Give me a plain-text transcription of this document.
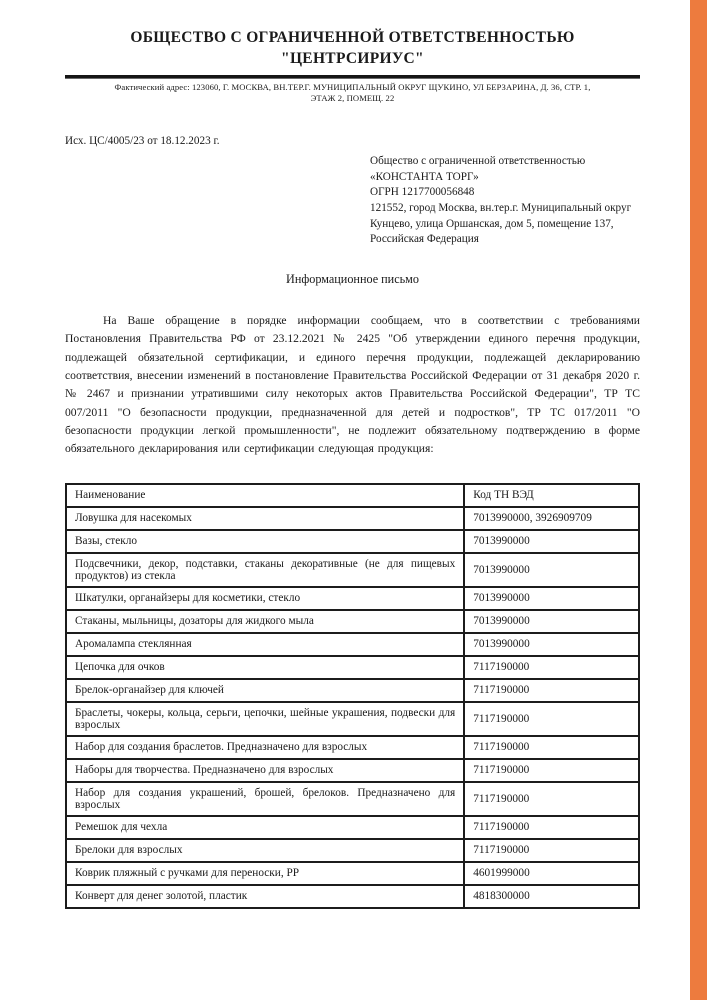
ОБЩЕСТВО С ОГРАНИЧЕННОЙ ОТВЕТСТВЕННОСТЬЮ
"ЦЕНТРСИРИУС"
Фактический адрес: 123060, Г. МОСКВА, ВН.ТЕР.Г. МУНИЦИПАЛЬНЫЙ ОКРУГ ЩУКИНО, УЛ БЕРЗАРИНА, Д. 36, СТР. 1,
ЭТАЖ 2, ПОМЕЩ. 22
Исх. ЦС/4005/23 от 18.12.2023 г.
Общество с ограниченной ответственностью
«КОНСТАНТА ТОРГ»
ОГРН 1217700056848
121552, город Москва, вн.тер.г. Муниципальный округ
Кунцево, улица Оршанская, дом 5, помещение 137,
Российская Федерация
Информационное письмо
На Ваше обращение в порядке информации сообщаем, что в соответствии с требованиями Постановления Правительства РФ от 23.12.2021 № 2425 "Об утверждении единого перечня продукции, подлежащей обязательной сертификации, и единого перечня продукции, подлежащей декларированию соответствия, внесении изменений в постановление Правительства Российской Федерации от 31 декабря 2020 г. № 2467 и признании утратившими силу некоторых актов Правительства Российской Федерации", ТР ТС 007/2011 "О безопасности продукции, предназначенной для детей и подростков", ТР ТС 017/2011 "О безопасности продукции легкой промышленности", не подлежит обязательному подтверждению в форме обязательного декларирования или сертификации следующая продукция:
Наименование	Код ТН ВЭД
Ловушка для насекомых	7013990000, 3926909709
Вазы, стекло	7013990000
Подсвечники, декор, подставки, стаканы декоративные (не для пищевых продуктов) из стекла	7013990000
Шкатулки, органайзеры для косметики, стекло	7013990000
Стаканы, мыльницы, дозаторы для жидкого мыла	7013990000
Аромалампа стеклянная	7013990000
Цепочка для очков	7117190000
Брелок-органайзер для ключей	7117190000
Браслеты, чокеры, кольца, серьги, цепочки, шейные украшения, подвески для взрослых	7117190000
Набор для создания браслетов. Предназначено для взрослых	7117190000
Наборы для творчества. Предназначено для взрослых	7117190000
Набор для создания украшений, брошей, брелоков. Предназначено для взрослых	7117190000
Ремешок для чехла	7117190000
Брелоки для взрослых	7117190000
Коврик пляжный с ручками для переноски, PP	4601999000
Конверт для денег золотой, пластик	4818300000
